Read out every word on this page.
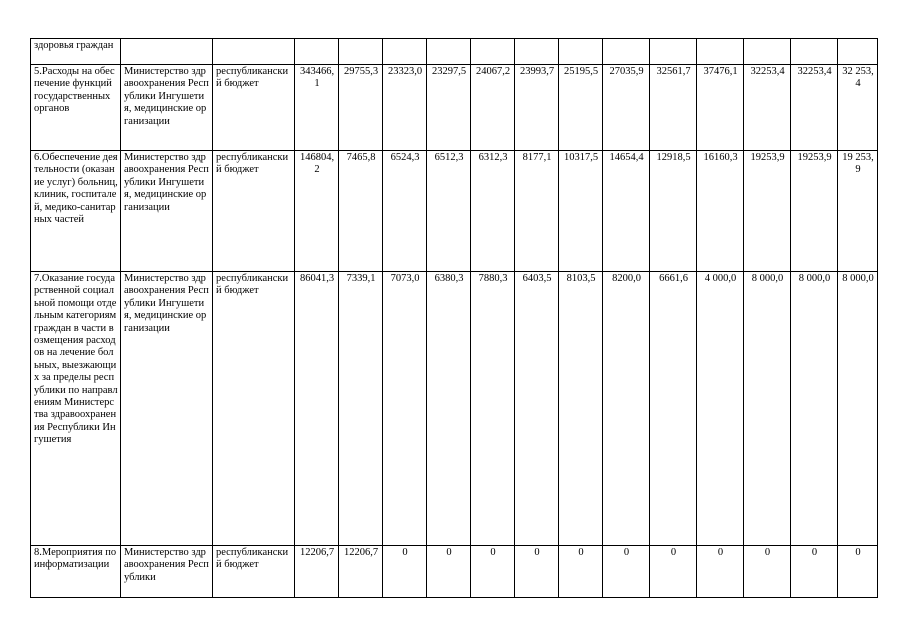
здоровья граждан															
5.Расходы на обеспечение функций государственных органов	Министерство здравоохранения Республики Ингушетия, медицинские организации	республиканский бюджет	343466,1	29755,3	23323,0	23297,5	24067,2	23993,7	25195,5	27035,9	32561,7	37476,1	32253,4	32253,4	32 253,4
6.Обеспечение деятельности (оказание услуг) больниц, клиник, госпиталей, медико-санитарных частей	Министерство здравоохранения Республики Ингушетия, медицинские организации	республиканский бюджет	146804,2	7465,8	6524,3	6512,3	6312,3	8177,1	10317,5	14654,4	12918,5	16160,3	19253,9	19253,9	19 253,9
7.Оказание государственной социальной помощи отдельным категориям граждан в части возмещения расходов на лечение больных, выезжающих за пределы республики по направлениям Министерства здравоохранения Республики Ингушетия	Министерство здравоохранения Республики Ингушетия, медицинские организации	республиканский бюджет	86041,3	7339,1	7073,0	6380,3	7880,3	6403,5	8103,5	8200,0	6661,6	4 000,0	8 000,0	8 000,0	8 000,0
8.Мероприятия по информатизации	Министерство здравоохранения Республики	республиканский бюджет	12206,7	12206,7	0	0	0	0	0	0	0	0	0	0	0
